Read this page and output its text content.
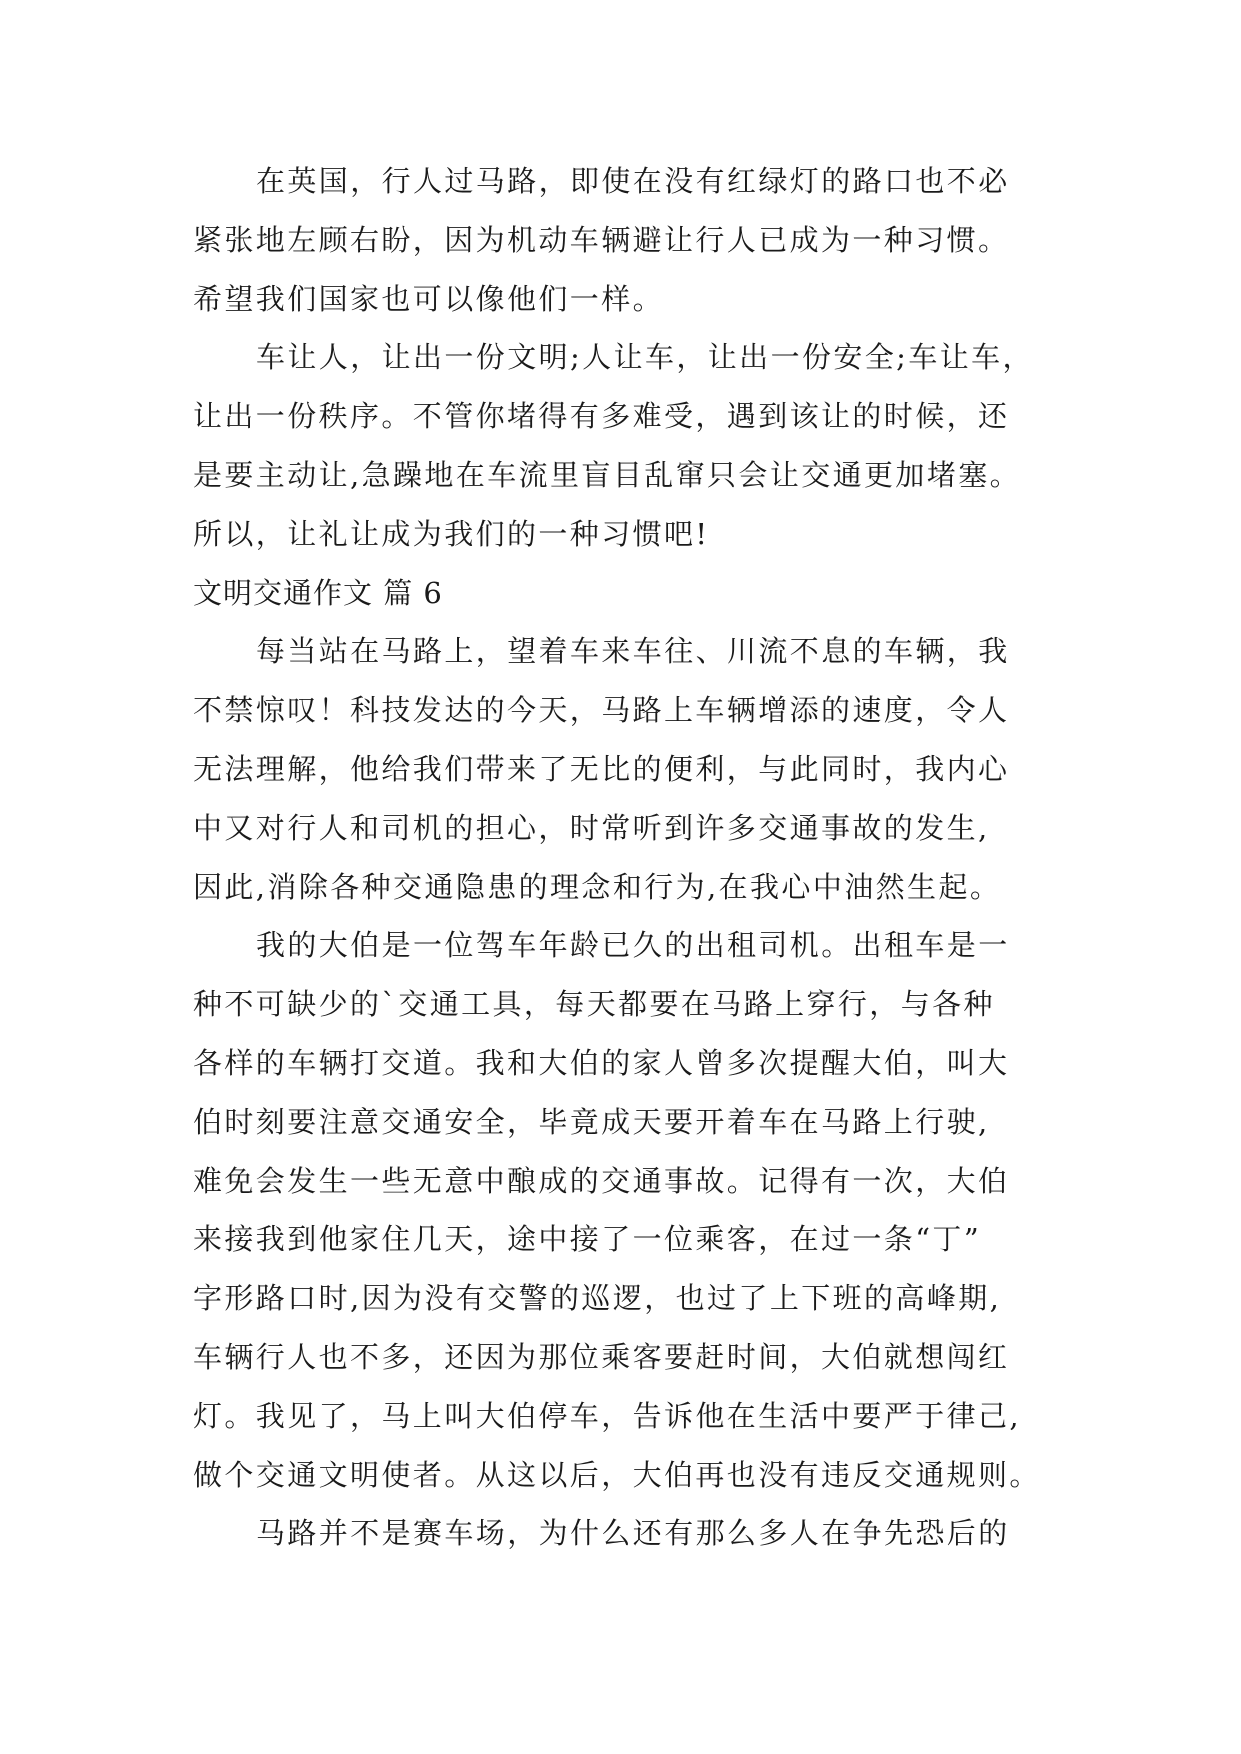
在英国，行人过马路，即使在没有红绿灯的路口也不必
紧张地左顾右盼，因为机动车辆避让行人已成为一种习惯。
希望我们国家也可以像他们一样。
车让人，让出一份文明;人让车，让出一份安全;车让车，
让出一份秩序。不管你堵得有多难受，遇到该让的时候，还
是要主动让,急躁地在车流里盲目乱窜只会让交通更加堵塞。
所以，让礼让成为我们的一种习惯吧!
文明交通作文 篇 6
每当站在马路上，望着车来车往、川流不息的车辆，我
不禁惊叹！科技发达的今天，马路上车辆增添的速度，令人
无法理解，他给我们带来了无比的便利，与此同时，我内心
中又对行人和司机的担心，时常听到许多交通事故的发生,
因此,消除各种交通隐患的理念和行为,在我心中油然生起。
我的大伯是一位驾车年龄已久的出租司机。出租车是一
种不可缺少的`交通工具，每天都要在马路上穿行，与各种
各样的车辆打交道。我和大伯的家人曾多次提醒大伯，叫大
伯时刻要注意交通安全，毕竟成天要开着车在马路上行驶,
难免会发生一些无意中酿成的交通事故。记得有一次，大伯
来接我到他家住几天，途中接了一位乘客，在过一条“丁”
字形路口时,因为没有交警的巡逻，也过了上下班的高峰期,
车辆行人也不多，还因为那位乘客要赶时间，大伯就想闯红
灯。我见了，马上叫大伯停车，告诉他在生活中要严于律己,
做个交通文明使者。从这以后，大伯再也没有违反交通规则。
马路并不是赛车场，为什么还有那么多人在争先恐后的
